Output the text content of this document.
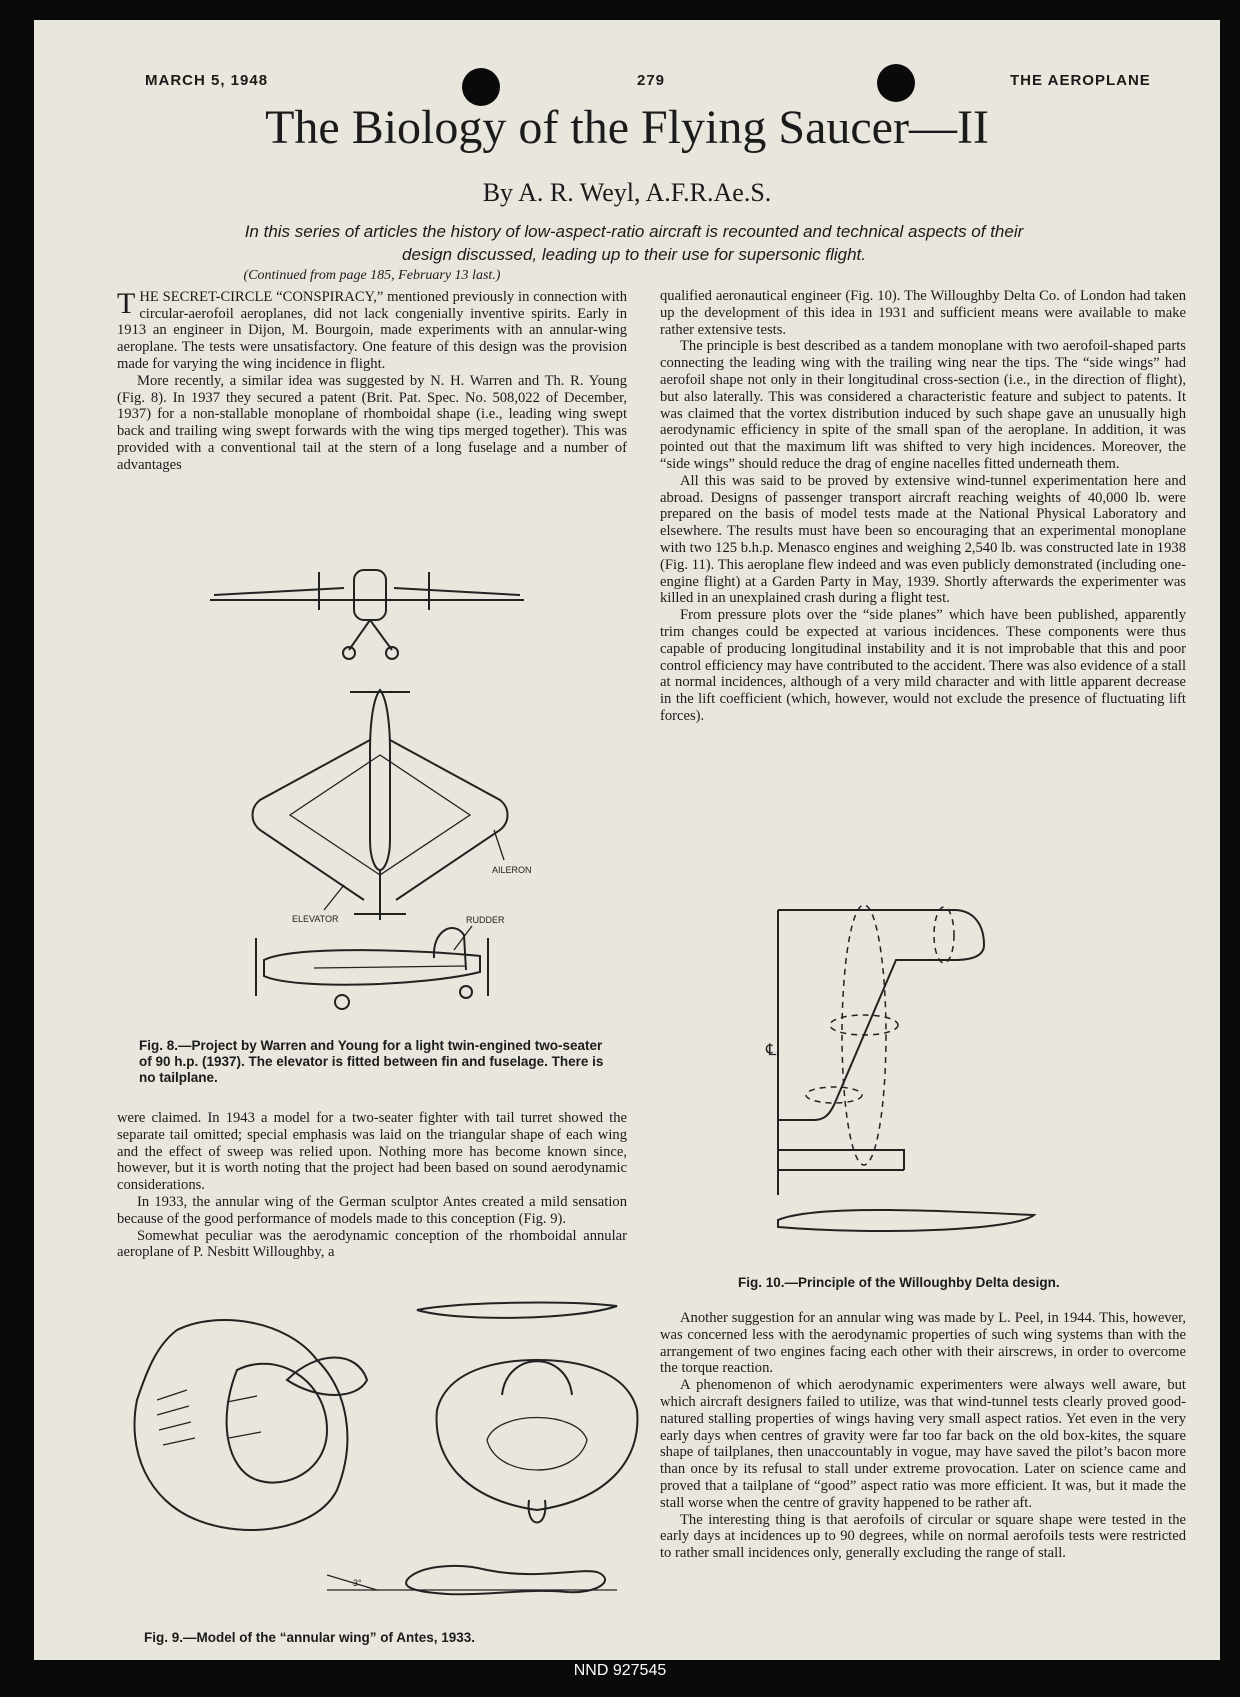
MARCH 5, 1948	279	THE AEROPLANE
The Biology of the Flying Saucer—II
By A. R. Weyl, A.F.R.Ae.S.
In this series of articles the history of low-aspect-ratio aircraft is recounted and technical aspects of their design discussed, leading up to their use for supersonic flight.
(Continued from page 185, February 13 last.)

THE SECRET-CIRCLE “CONSPIRACY,” mentioned previously in connection with circular-aerofoil aeroplanes, did not lack congenially inventive spirits. Early in 1913 an engineer in Dijon, M. Bourgoin, made experiments with an annular-wing aeroplane. The tests were unsatisfactory. One feature of this design was the provision made for varying the wing incidence in flight.

More recently, a similar idea was suggested by N. H. Warren and Th. R. Young (Fig. 8). In 1937 they secured a patent (Brit. Pat. Spec. No. 508,022 of December, 1937) for a non-stallable monoplane of rhomboidal shape (i.e., leading wing swept back and trailing wing swept forwards with the wing tips merged together). This was provided with a conventional tail at the stern of a long fuselage and a number of advantages

AILERON
ELEVATOR	RUDDER
Fig. 8.—Project by Warren and Young for a light twin-engined two-seater of 90 h.p. (1937). The elevator is fitted between fin and fuselage. There is no tailplane.

were claimed. In 1943 a model for a two-seater fighter with tail turret showed the separate tail omitted; special emphasis was laid on the triangular shape of each wing and the effect of sweep was relied upon. Nothing more has become known since, however, but it is worth noting that the project had been based on sound aerodynamic considerations.

In 1933, the annular wing of the German sculptor Antes created a mild sensation because of the good performance of models made to this conception (Fig. 9).

Somewhat peculiar was the aerodynamic conception of the rhomboidal annular aeroplane of P. Nesbitt Willoughby, a

3°
Fig. 9.—Model of the “annular wing” of Antes, 1933.

qualified aeronautical engineer (Fig. 10). The Willoughby Delta Co. of London had taken up the development of this idea in 1931 and sufficient means were available to make rather extensive tests.

The principle is best described as a tandem monoplane with two aerofoil-shaped parts connecting the leading wing with the trailing wing near the tips. The “side wings” had aerofoil shape not only in their longitudinal cross-section (i.e., in the direction of flight), but also laterally. This was considered a characteristic feature and subject to patents. It was claimed that the vortex distribution induced by such shape gave an unusually high aerodynamic efficiency in spite of the small span of the aeroplane. In addition, it was pointed out that the maximum lift was shifted to very high incidences. Moreover, the “side wings” should reduce the drag of engine nacelles fitted underneath them.

All this was said to be proved by extensive wind-tunnel experimentation here and abroad. Designs of passenger transport aircraft reaching weights of 40,000 lb. were prepared on the basis of model tests made at the National Physical Laboratory and elsewhere. The results must have been so encouraging that an experimental monoplane with two 125 b.h.p. Menasco engines and weighing 2,540 lb. was constructed late in 1938 (Fig. 11). This aeroplane flew indeed and was even publicly demonstrated (including one-engine flight) at a Garden Party in May, 1939. Shortly afterwards the experimenter was killed in an unexplained crash during a flight test.

From pressure plots over the “side planes” which have been published, apparently trim changes could be expected at various incidences. These components were thus capable of producing longitudinal instability and it is not improbable that this and poor control efficiency may have contributed to the accident. There was also evidence of a stall at normal incidences, although of a very mild character and with little apparent decrease in the lift coefficient (which, however, would not exclude the presence of fluctuating lift forces).

℄
Fig. 10.—Principle of the Willoughby Delta design.

Another suggestion for an annular wing was made by L. Peel, in 1944. This, however, was concerned less with the aerodynamic properties of such wing systems than with the arrangement of two engines facing each other with their airscrews, in order to overcome the torque reaction.

A phenomenon of which aerodynamic experimenters were always well aware, but which aircraft designers failed to utilize, was that wind-tunnel tests clearly proved good-natured stalling properties of wings having very small aspect ratios. Yet even in the very early days when centres of gravity were far too far back on the old box-kites, the square shape of tailplanes, then unaccountably in vogue, may have saved the pilot’s bacon more than once by its refusal to stall under extreme provocation. Later on science came and proved that a tailplane of “good” aspect ratio was more efficient. It was, but it made the stall worse when the centre of gravity happened to be rather aft.

The interesting thing is that aerofoils of circular or square shape were tested in the early days at incidences up to 90 degrees, while on normal aerofoils tests were restricted to rather small incidences only, generally excluding the range of stall.

NND 927545
